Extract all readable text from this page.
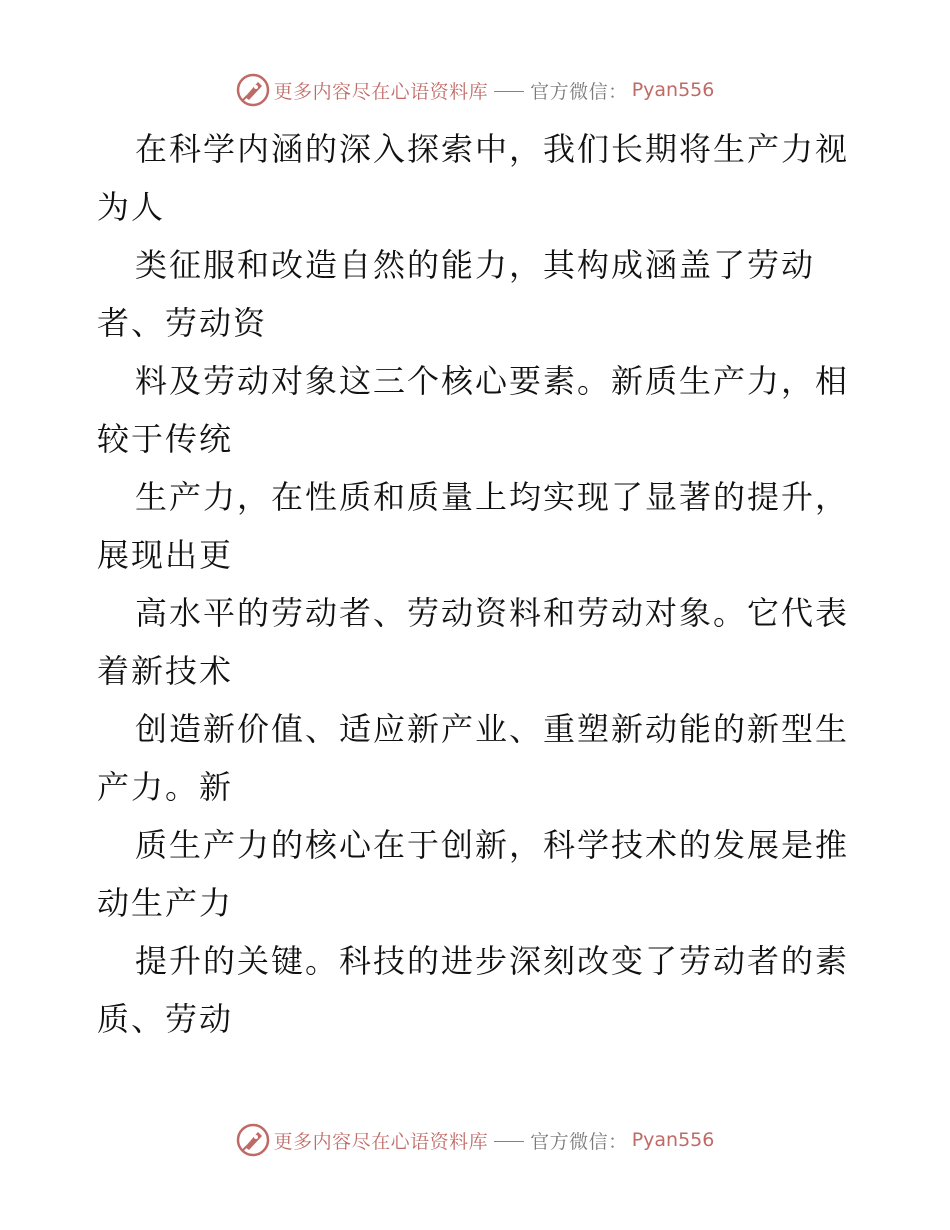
更多内容尽在心语资料库 官方微信： Pyan556
在科学内涵的深入探索中，我们长期将生产力视
为人
类征服和改造自然的能力，其构成涵盖了劳动
者、劳动资
料及劳动对象这三个核心要素。新质生产力，相
较于传统
生产力，在性质和质量上均实现了显著的提升，
展现出更
高水平的劳动者、劳动资料和劳动对象。它代表
着新技术
创造新价值、适应新产业、重塑新动能的新型生
产力。新
质生产力的核心在于创新，科学技术的发展是推
动生产力
提升的关键。科技的进步深刻改变了劳动者的素
质、劳动
更多内容尽在心语资料库 官方微信： Pyan556
